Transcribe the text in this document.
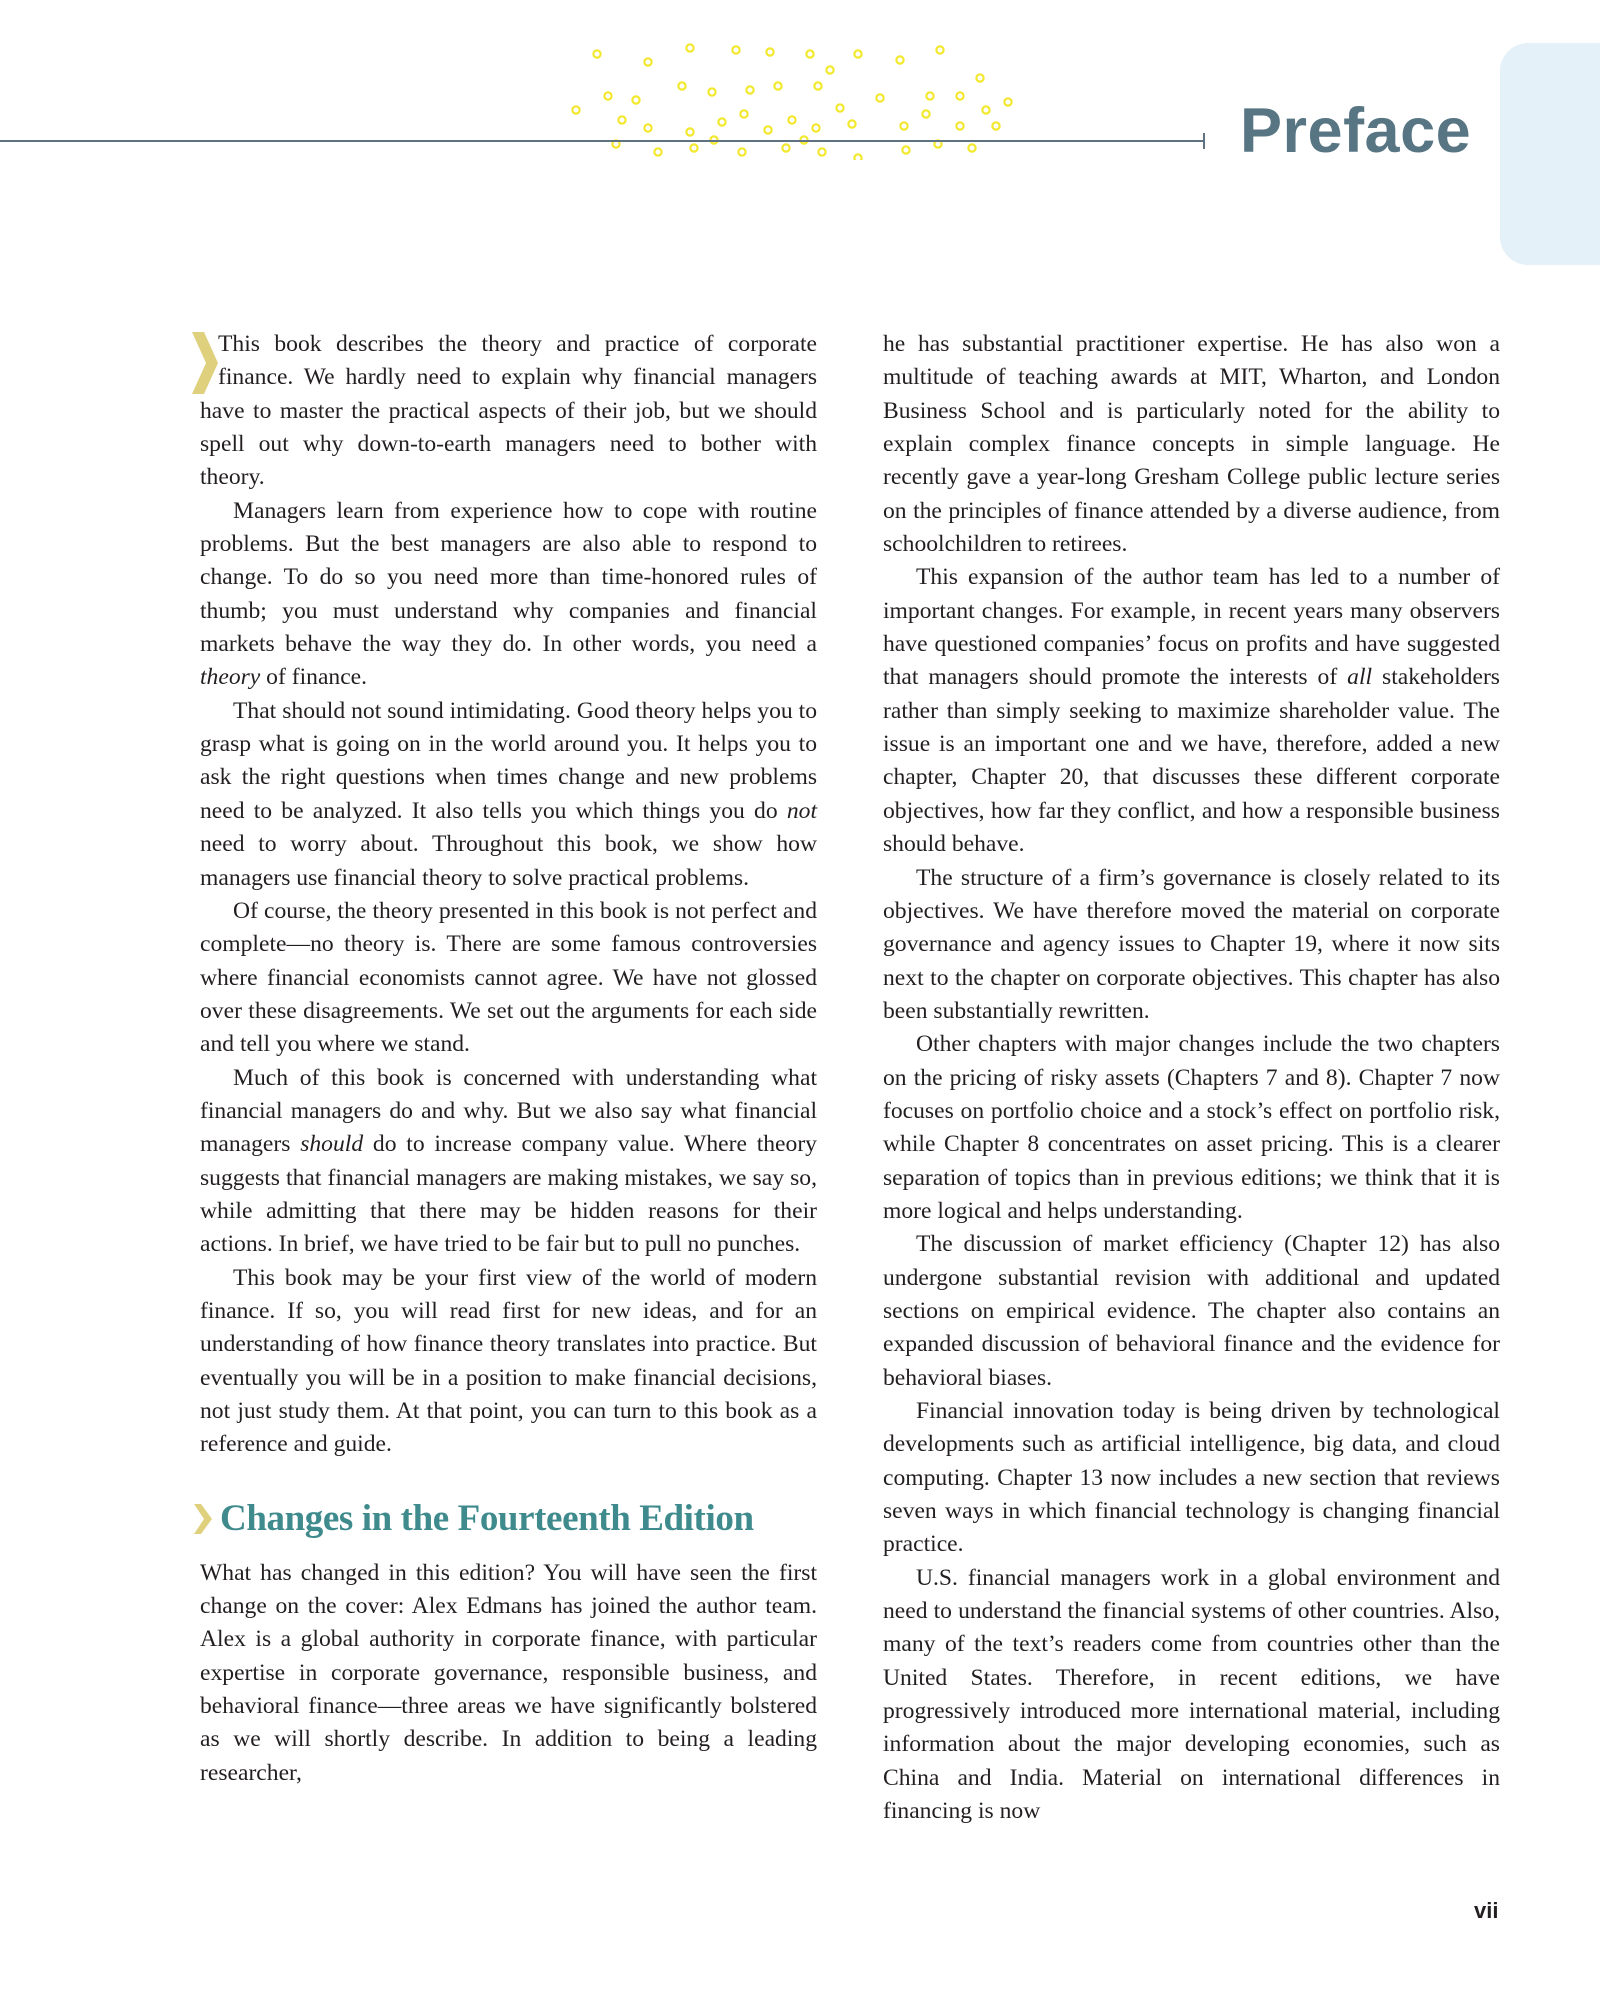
Preface

This book describes the theory and practice of corporate finance. We hardly need to explain why financial managers have to master the practical aspects of their job, but we should spell out why down-to-earth managers need to bother with theory.

Managers learn from experience how to cope with routine problems. But the best managers are also able to respond to change. To do so you need more than time-honored rules of thumb; you must understand why companies and financial markets behave the way they do. In other words, you need a theory of finance.

That should not sound intimidating. Good theory helps you to grasp what is going on in the world around you. It helps you to ask the right questions when times change and new problems need to be analyzed. It also tells you which things you do not need to worry about. Throughout this book, we show how managers use financial theory to solve practical problems.

Of course, the theory presented in this book is not perfect and complete—no theory is. There are some famous controversies where financial economists cannot agree. We have not glossed over these disagreements. We set out the arguments for each side and tell you where we stand.

Much of this book is concerned with understanding what financial managers do and why. But we also say what financial managers should do to increase company value. Where theory suggests that financial managers are making mistakes, we say so, while admitting that there may be hidden reasons for their actions. In brief, we have tried to be fair but to pull no punches.

This book may be your first view of the world of modern finance. If so, you will read first for new ideas, and for an understanding of how finance theory translates into practice. But eventually you will be in a position to make financial decisions, not just study them. At that point, you can turn to this book as a reference and guide.

Changes in the Fourteenth Edition

What has changed in this edition? You will have seen the first change on the cover: Alex Edmans has joined the author team. Alex is a global authority in corporate finance, with particular expertise in corporate governance, responsible business, and behavioral finance—three areas we have significantly bolstered as we will shortly describe. In addition to being a leading researcher,

he has substantial practitioner expertise. He has also won a multitude of teaching awards at MIT, Wharton, and London Business School and is particularly noted for the ability to explain complex finance concepts in simple language. He recently gave a year-long Gresham College public lecture series on the principles of finance attended by a diverse audience, from schoolchildren to retirees.

This expansion of the author team has led to a number of important changes. For example, in recent years many observers have questioned companies’ focus on profits and have suggested that managers should promote the interests of all stakeholders rather than simply seeking to maximize shareholder value. The issue is an important one and we have, therefore, added a new chapter, Chapter 20, that discusses these different corporate objectives, how far they conflict, and how a responsible business should behave.

The structure of a firm’s governance is closely related to its objectives. We have therefore moved the material on corporate governance and agency issues to Chapter 19, where it now sits next to the chapter on corporate objectives. This chapter has also been substantially rewritten.

Other chapters with major changes include the two chapters on the pricing of risky assets (Chapters 7 and 8). Chapter 7 now focuses on portfolio choice and a stock’s effect on portfolio risk, while Chapter 8 concentrates on asset pricing. This is a clearer separation of topics than in previous editions; we think that it is more logical and helps understanding.

The discussion of market efficiency (Chapter 12) has also undergone substantial revision with additional and updated sections on empirical evidence. The chapter also contains an expanded discussion of behavioral finance and the evidence for behavioral biases.

Financial innovation today is being driven by technological developments such as artificial intelligence, big data, and cloud computing. Chapter 13 now includes a new section that reviews seven ways in which financial technology is changing financial practice.

U.S. financial managers work in a global environment and need to understand the financial systems of other countries. Also, many of the text’s readers come from countries other than the United States. Therefore, in recent editions, we have progressively introduced more international material, including information about the major developing economies, such as China and India. Material on international differences in financing is now

vii
